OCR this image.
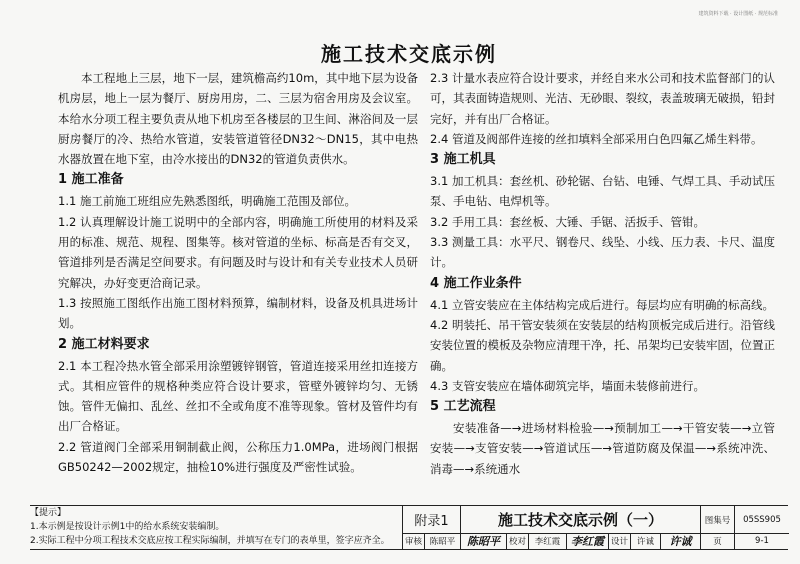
建筑资料下载 · 设计图纸 · 规范标准
施工技术交底示例

本工程地上三层，地下一层，建筑檐高约10m，其中地下层为设备机房层，地上一层为餐厅、厨房用房，二、三层为宿舍用房及会议室。本给水分项工程主要负责从地下机房至各楼层的卫生间、淋浴间及一层厨房餐厅的冷、热给水管道，安装管道管径DN32～DN15，其中电热水器放置在地下室，由冷水接出的DN32的管道负责供水。

1 施工准备

1.1 施工前施工班组应先熟悉图纸，明确施工范围及部位。

1.2 认真理解设计施工说明中的全部内容，明确施工所使用的材料及采用的标准、规范、规程、图集等。核对管道的坐标、标高是否有交叉，管道排列是否满足空间要求。有问题及时与设计和有关专业技术人员研究解决，办好变更洽商记录。

1.3 按照施工图纸作出施工图材料预算，编制材料，设备及机具进场计划。

2 施工材料要求

2.1 本工程冷热水管全部采用涂塑镀锌钢管，管道连接采用丝扣连接方式。其相应管件的规格种类应符合设计要求，管壁外镀锌均匀、无锈蚀。管件无偏扣、乱丝、丝扣不全或角度不准等现象。管材及管件均有出厂合格证。

2.2 管道阀门全部采用铜制截止阀，公称压力1.0MPa，进场阀门根据GB50242—2002规定，抽检10%进行强度及严密性试验。

2.3 计量水表应符合设计要求，并经自来水公司和技术监督部门的认可，其表面铸造规则、光洁、无砂眼、裂纹，表盖玻璃无破损，铅封完好，并有出厂合格证。

2.4 管道及阀部件连接的丝扣填料全部采用白色四氟乙烯生料带。

3 施工机具

3.1 加工机具：套丝机、砂轮锯、台钻、电锤、气焊工具、手动试压泵、手电钻、电焊机等。

3.2 手用工具：套丝板、大锤、手锯、活扳手、管钳。

3.3 测量工具：水平尺、钢卷尺、线坠、小线、压力表、卡尺、温度计。

4 施工作业条件

4.1 立管安装应在主体结构完成后进行。每层均应有明确的标高线。

4.2 明装托、吊干管安装须在安装层的结构顶板完成后进行。沿管线安装位置的模板及杂物应清理干净，托、吊架均已安装牢固，位置正确。

4.3 支管安装应在墙体砌筑完毕，墙面未装修前进行。

5 工艺流程

安装准备—→进场材料检验—→预制加工—→干管安装—→立管安装—→支管安装—→管道试压—→管道防腐及保温—→系统冲洗、消毒—→系统通水

【提示】
1.本示例是按设计示例1中的给水系统安装编制。
2.实际工程中分项工程技术交底应按工程实际编制，并填写在专门的表单里，签字应齐全。
附录1	施工技术交底示例（一）	图集号	05SS905
审核 陈昭平	陈昭平	校对	李红霞 李红霞 设计	许诚	许诚	页	9-1
